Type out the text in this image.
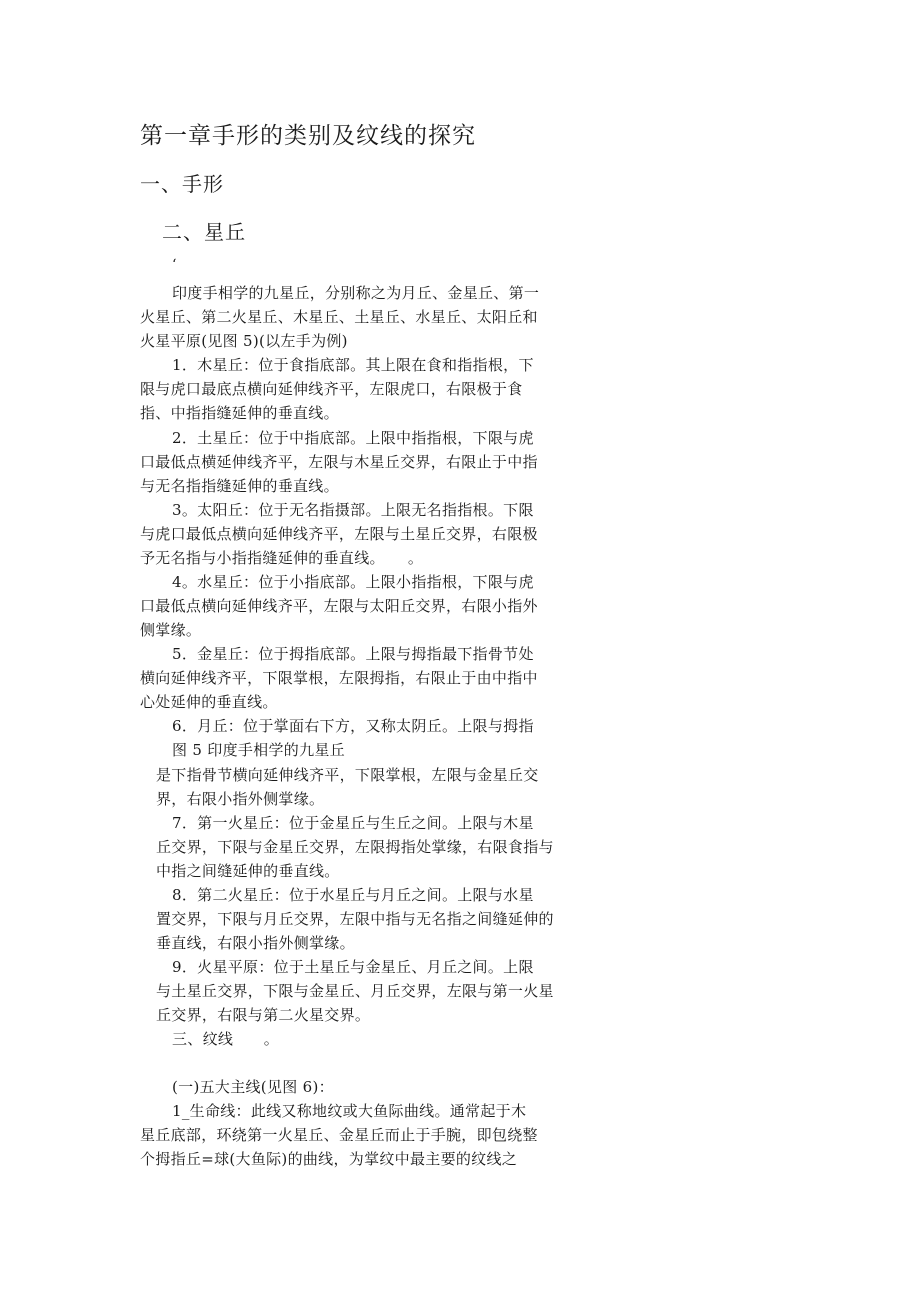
第一章手形的类别及纹线的探究
一、手形
二、星丘
‘
印度手相学的九星丘，分别称之为月丘、金星丘、第一
火星丘、第二火星丘、木星丘、土星丘、水星丘、太阳丘和
火星平原(见图 5)(以左手为例)
1．木星丘：位于食指底部。其上限在食和指指根，下
限与虎口最底点横向延伸线齐平，左限虎口，右限极于食
指、中指指缝延伸的垂直线。
2．土星丘：位于中指底部。上限中指指根，下限与虎
口最低点横延伸线齐平，左限与木星丘交界，右限止于中指
与无名指指缝延伸的垂直线。
3。太阳丘：位于无名指摄部。上限无名指指根。下限
与虎口最低点横向延伸线齐平，左限与土星丘交界，右限极
予无名指与小指指缝延伸的垂直线。　　。
4。水星丘：位于小指底部。上限小指指根，下限与虎
口最低点横向延伸线齐平，左限与太阳丘交界，右限小指外
侧掌缘。
5．金星丘：位于拇指底部。上限与拇指最下指骨节处
横向延伸线齐平，下限掌根，左限拇指，右限止于由中指中
心处延伸的垂直线。
6．月丘：位于掌面右下方，又称太阴丘。上限与拇指
图 5 印度手相学的九星丘
是下指骨节横向延伸线齐平，下限掌根，左限与金星丘交
界，右限小指外侧掌缘。
7．第一火星丘：位于金星丘与生丘之间。上限与木星
丘交界，下限与金星丘交界，左限拇指处掌缘，右限食指与
中指之间缝延伸的垂直线。
8．第二火星丘：位于水星丘与月丘之间。上限与水星
置交界，下限与月丘交界，左限中指与无名指之间缝延伸的
垂直线，右限小指外侧掌缘。
9．火星平原：位于土星丘与金星丘、月丘之间。上限
与土星丘交界，下限与金星丘、月丘交界，左限与第一火星
丘交界，右限与第二火星交界。
三、纹线　　。
(一)五大主线(见图 6)：
1_生命线：此线又称地纹或大鱼际曲线。通常起于木
星丘底部，环绕第一火星丘、金星丘而止于手腕，即包绕整
个拇指丘=球(大鱼际)的曲线，为掌纹中最主要的纹线之
